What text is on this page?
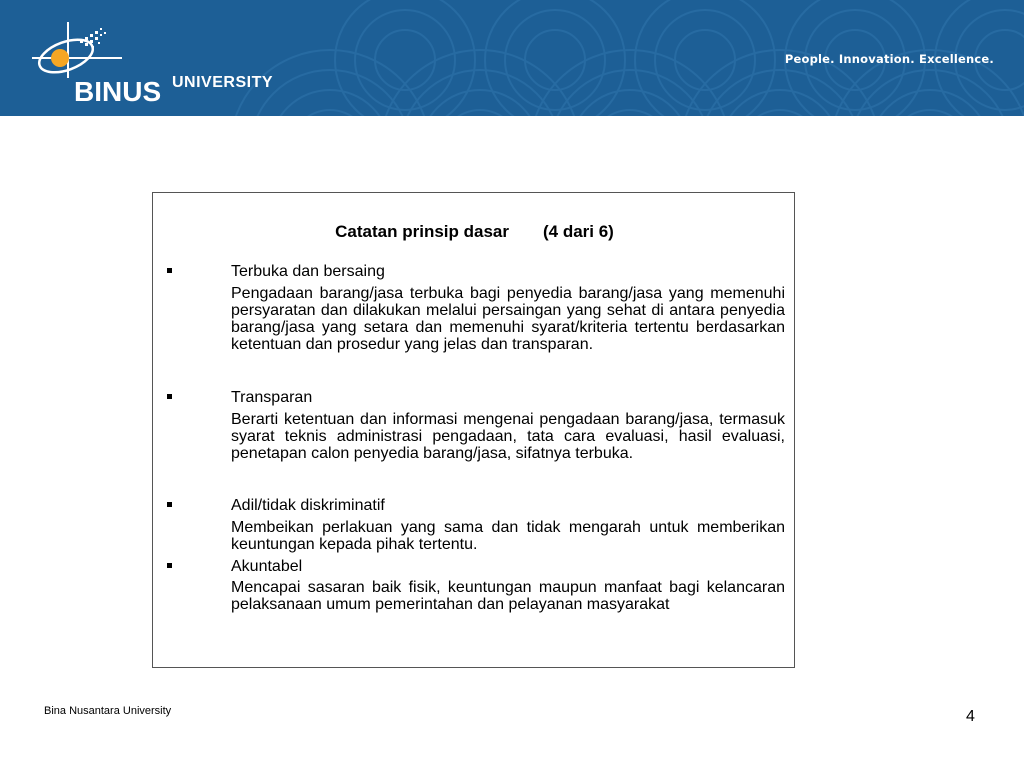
BINUS UNIVERSITY
People. Innovation. Excellence.
Catatan prinsip dasar (4 dari 6)
Terbuka dan bersaing
Pengadaan barang/jasa terbuka bagi penyedia barang/jasa yang memenuhi persyaratan dan dilakukan melalui persaingan yang sehat di antara penyedia barang/jasa yang setara dan memenuhi syarat/kriteria tertentu berdasarkan ketentuan dan prosedur yang jelas dan transparan.
Transparan
Berarti ketentuan dan informasi mengenai pengadaan barang/jasa, termasuk syarat teknis administrasi pengadaan, tata cara evaluasi, hasil evaluasi, penetapan calon penyedia barang/jasa, sifatnya terbuka.
Adil/tidak diskriminatif
Membeikan perlakuan yang sama dan tidak mengarah untuk memberikan keuntungan kepada pihak tertentu.
Akuntabel
Mencapai sasaran baik fisik, keuntungan maupun manfaat bagi kelancaran pelaksanaan umum pemerintahan dan pelayanan masyarakat
Bina Nusantara University	4
